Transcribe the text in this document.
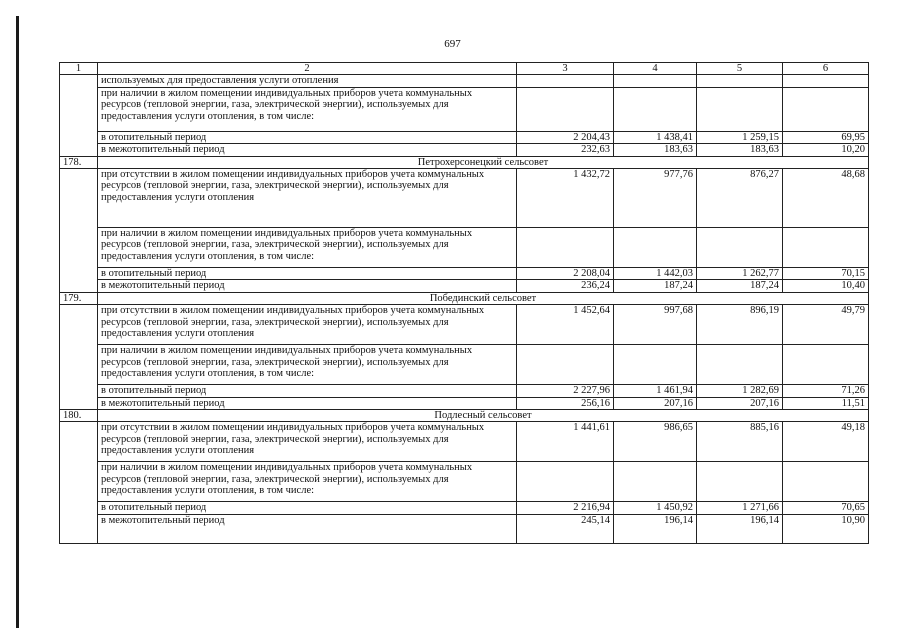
697
1	2	3	4	5	6
	используемых для предоставления услуги отопления				
	при наличии в жилом помещении индивидуальных приборов учета коммунальных ресурсов (тепловой энергии, газа, электрической энергии), используемых для предоставления услуги отопления, в том числе:				
	в отопительный период	2 204,43	1 438,41	1 259,15	69,95
	в межотопительный период	232,63	183,63	183,63	10,20
178.	Петрохерсонецкий сельсовет				
	при отсутствии в жилом помещении индивидуальных приборов учета коммунальных ресурсов (тепловой энергии, газа, электрической энергии), используемых для предоставления услуги отопления	1 432,72	977,76	876,27	48,68
	при наличии в жилом помещении индивидуальных приборов учета коммунальных ресурсов (тепловой энергии, газа, электрической энергии), используемых для предоставления услуги отопления, в том числе:				
	в отопительный период	2 208,04	1 442,03	1 262,77	70,15
	в межотопительный период	236,24	187,24	187,24	10,40
179.	Побединский сельсовет				
	при отсутствии в жилом помещении индивидуальных приборов учета коммунальных ресурсов (тепловой энергии, газа, электрической энергии), используемых для предоставления услуги отопления	1 452,64	997,68	896,19	49,79
	при наличии в жилом помещении индивидуальных приборов учета коммунальных ресурсов (тепловой энергии, газа, электрической энергии), используемых для предоставления услуги отопления, в том числе:				
	в отопительный период	2 227,96	1 461,94	1 282,69	71,26
	в межотопительный период	256,16	207,16	207,16	11,51
180.	Подлесный сельсовет				
	при отсутствии в жилом помещении индивидуальных приборов учета коммунальных ресурсов (тепловой энергии, газа, электрической энергии), используемых для предоставления услуги отопления	1 441,61	986,65	885,16	49,18
	при наличии в жилом помещении индивидуальных приборов учета коммунальных ресурсов (тепловой энергии, газа, электрической энергии), используемых для предоставления услуги отопления, в том числе:				
	в отопительный период	2 216,94	1 450,92	1 271,66	70,65
	в межотопительный период	245,14	196,14	196,14	10,90
